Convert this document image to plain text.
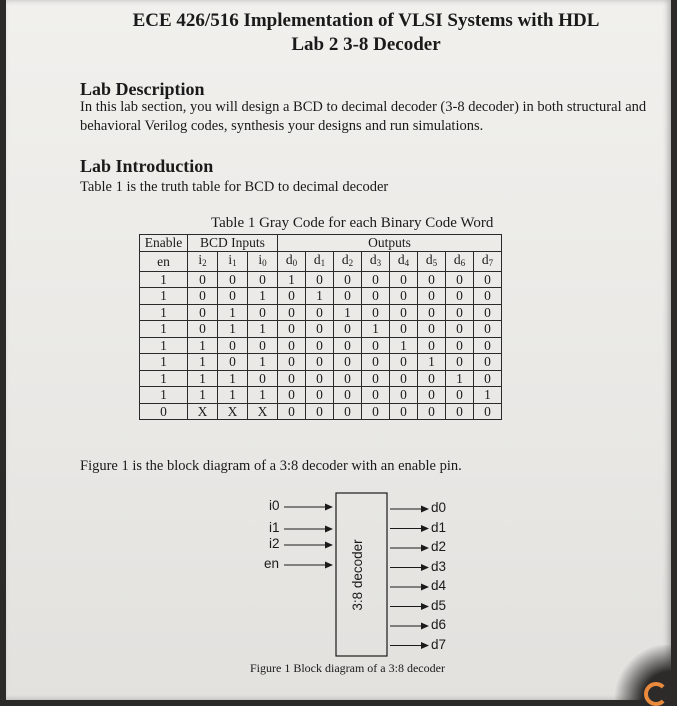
ECE 426/516 Implementation of VLSI Systems with HDL
Lab 2 3-8 Decoder
Lab Description
In this lab section, you will design a BCD to decimal decoder (3-8 decoder) in both structural and behavioral Verilog codes, synthesis your designs and run simulations.
Lab Introduction
Table 1 is the truth table for BCD to decimal decoder
Table 1 Gray Code for each Binary Code Word
Enable	BCD Inputs			Outputs							
en	$i_2$	$i_1$	$i_0$	$d_0$	$d_1$	$d_2$	$d_3$	$d_4$	$d_5$	$d_6$	$d_7$
1	0	0	0	1	0	0	0	0	0	0	0
1	0	0	1	0	1	0	0	0	0	0	0
1	0	1	0	0	0	1	0	0	0	0	0
1	0	1	1	0	0	0	1	0	0	0	0
1	1	0	0	0	0	0	0	1	0	0	0
1	1	0	1	0	0	0	0	0	1	0	0
1	1	1	0	0	0	0	0	0	0	1	0
1	1	1	1	0	0	0	0	0	0	0	1
0	X	X	X	0	0	0	0	0	0	0	0
Figure 1 is the block diagram of a 3:8 decoder with an enable pin.
3:8 decoder
i0
i1
i2
en
d0
d1
d2
d3
d4
d5
d6
d7
Figure 1 Block diagram of a 3:8 decoder
